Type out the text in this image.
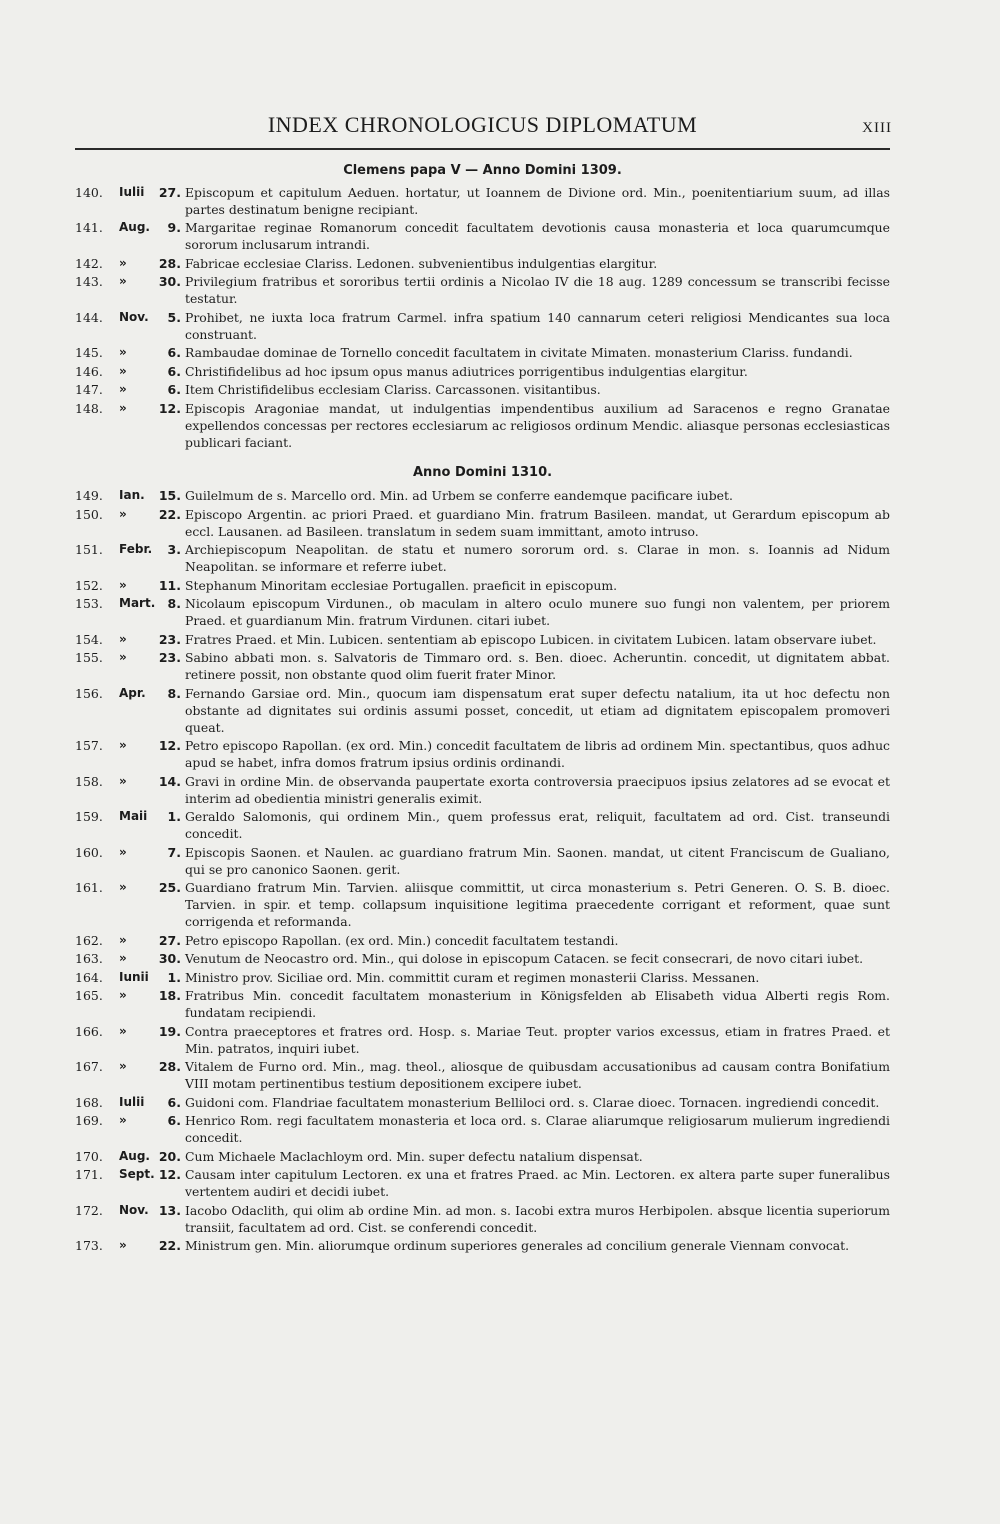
INDEX CHRONOLOGICUS DIPLOMATUM	XIII
Clemens papa V — Anno Domini 1309.
140.	Iulii	27. Episcopum et capitulum Aeduen. hortatur, ut Ioannem de Divione ord. Min., poenitentiarium suum, ad illas partes destinatum benigne recipiant.
141.	Aug.	9. Margaritae reginae Romanorum concedit facultatem devotionis causa monasteria et loca quarumcumque sororum inclusarum intrandi.
142.	»	28. Fabricae ecclesiae Clariss. Ledonen. subvenientibus indulgentias elargitur.
143.	»	30. Privilegium fratribus et sororibus tertii ordinis a Nicolao IV die 18 aug. 1289 concessum se transcribi fecisse testatur.
144.	Nov.	5. Prohibet, ne iuxta loca fratrum Carmel. infra spatium 140 cannarum ceteri religiosi Mendicantes sua loca construant.
145.	»	6. Rambaudae dominae de Tornello concedit facultatem in civitate Mimaten. monasterium Clariss. fundandi.
146.	»	6. Christifidelibus ad hoc ipsum opus manus adiutrices porrigentibus indulgentias elargitur.
147.	»	6. Item Christifidelibus ecclesiam Clariss. Carcassonen. visitantibus.
148.	»	12. Episcopis Aragoniae mandat, ut indulgentias impendentibus auxilium ad Saracenos e regno Granatae expellendos concessas per rectores ecclesiarum ac religiosos ordinum Mendic. aliasque personas ecclesiasticas publicari faciant.
Anno Domini 1310.
149.	Ian.	15. Guilelmum de s. Marcello ord. Min. ad Urbem se conferre eandemque pacificare iubet.
150.	»	22. Episcopo Argentin. ac priori Praed. et guardiano Min. fratrum Basileen. mandat, ut Gerardum episcopum ab eccl. Lausanen. ad Basileen. translatum in sedem suam immittant, amoto intruso.
151.	Febr.	3. Archiepiscopum Neapolitan. de statu et numero sororum ord. s. Clarae in mon. s. Ioannis ad Nidum Neapolitan. se informare et referre iubet.
152.	»	11. Stephanum Minoritam ecclesiae Portugallen. praeficit in episcopum.
153.	Mart. 8. Nicolaum episcopum Virdunen., ob maculam in altero oculo munere suo fungi non valentem, per priorem Praed. et guardianum Min. fratrum Virdunen. citari iubet.
154.	»	23. Fratres Praed. et Min. Lubicen. sententiam ab episcopo Lubicen. in civitatem Lubicen. latam observare iubet.
155.	»	23. Sabino abbati mon. s. Salvatoris de Timmaro ord. s. Ben. dioec. Acheruntin. concedit, ut dignitatem abbat. retinere possit, non obstante quod olim fuerit frater Minor.
156.	Apr.	8. Fernando Garsiae ord. Min., quocum iam dispensatum erat super defectu natalium, ita ut hoc defectu non obstante ad dignitates sui ordinis assumi posset, concedit, ut etiam ad dignitatem episcopalem promoveri queat.
157.	»	12. Petro episcopo Rapollan. (ex ord. Min.) concedit facultatem de libris ad ordinem Min. spectantibus, quos adhuc apud se habet, infra domos fratrum ipsius ordinis ordinandi.
158.	»	14. Gravi in ordine Min. de observanda paupertate exorta controversia praecipuos ipsius zelatores ad se evocat et interim ad obedientia ministri generalis eximit.
159.	Maii	1. Geraldo Salomonis, qui ordinem Min., quem professus erat, reliquit, facultatem ad ord. Cist. transeundi concedit.
160.	»	7. Episcopis Saonen. et Naulen. ac guardiano fratrum Min. Saonen. mandat, ut citent Franciscum de Gualiano, qui se pro canonico Saonen. gerit.
161.	»	25. Guardiano fratrum Min. Tarvien. aliisque committit, ut circa monasterium s. Petri Generen. O. S. B. dioec. Tarvien. in spir. et temp. collapsum inquisitione legitima praecedente corrigant et reforment, quae sunt corrigenda et reformanda.
162.	»	27. Petro episcopo Rapollan. (ex ord. Min.) concedit facultatem testandi.
163.	»	30. Venutum de Neocastro ord. Min., qui dolose in episcopum Catacen. se fecit consecrari, de novo citari iubet.
164.	Iunii	1. Ministro prov. Siciliae ord. Min. committit curam et regimen monasterii Clariss. Messanen.
165.	»	18. Fratribus Min. concedit facultatem monasterium in Königsfelden ab Elisabeth vidua Alberti regis Rom. fundatam recipiendi.
166.	»	19. Contra praeceptores et fratres ord. Hosp. s. Mariae Teut. propter varios excessus, etiam in fratres Praed. et Min. patratos, inquiri iubet.
167.	»	28. Vitalem de Furno ord. Min., mag. theol., aliosque de quibusdam accusationibus ad causam contra Bonifatium VIII motam pertinentibus testium depositionem excipere iubet.
168.	Iulii	6. Guidoni com. Flandriae facultatem monasterium Belliloci ord. s. Clarae dioec. Tornacen. ingrediendi concedit.
169.	»	6. Henrico Rom. regi facultatem monasteria et loca ord. s. Clarae aliarumque religiosarum mulierum ingrediendi concedit.
170.	Aug. 20. Cum Michaele Maclachloym ord. Min. super defectu natalium dispensat.
171.	Sept. 12. Causam inter capitulum Lectoren. ex una et fratres Praed. ac Min. Lectoren. ex altera parte super funeralibus vertentem audiri et decidi iubet.
172.	Nov. 13. Iacobo Odaclith, qui olim ab ordine Min. ad mon. s. Iacobi extra muros Herbipolen. absque licentia superiorum transiit, facultatem ad ord. Cist. se conferendi concedit.
173.	»	22. Ministrum gen. Min. aliorumque ordinum superiores generales ad concilium generale Viennam convocat.
